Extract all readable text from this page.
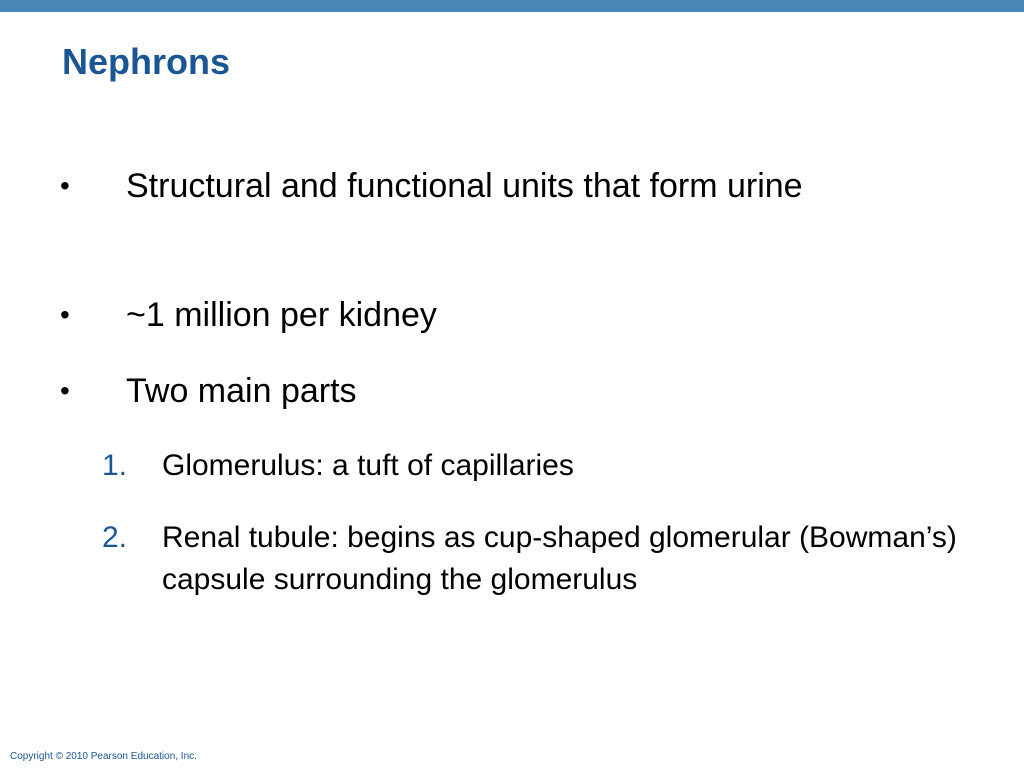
Nephrons
• Structural and functional units that form urine
• ~1 million per kidney
• Two main parts
1. Glomerulus: a tuft of capillaries
2. Renal tubule: begins as cup-shaped glomerular (Bowman’s) capsule surrounding the glomerulus
Copyright © 2010 Pearson Education, Inc.
